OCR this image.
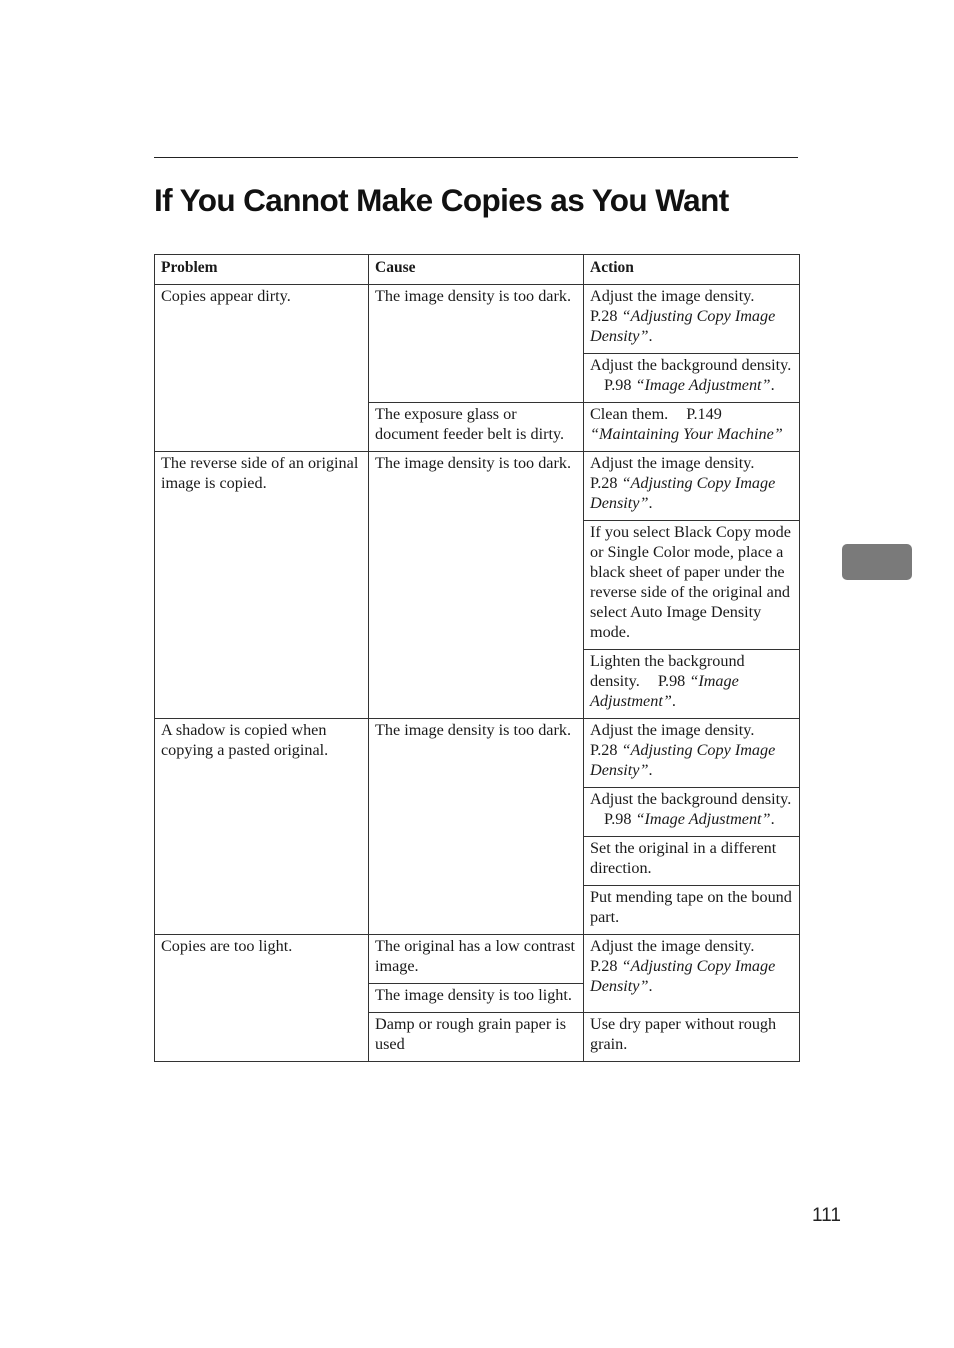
If You Cannot Make Copies as You Want
Problem	Cause	Action
Copies appear dirty.	The image density is too dark.	Adjust the image density. P.28 “Adjusting Copy Image Density”.
		Adjust the background density. P.98 “Image Adjustment”.
	The exposure glass or document feeder belt is dirty.	Clean them. P.149 “Maintaining Your Machine”
The reverse side of an original image is copied.	The image density is too dark.	Adjust the image density. P.28 “Adjusting Copy Image Density”.
		If you select Black Copy mode or Single Color mode, place a black sheet of paper under the reverse side of the original and select Auto Image Density mode.
		Lighten the background density. P.98 “Image Adjustment”.
A shadow is copied when copying a pasted original.	The image density is too dark.	Adjust the image density. P.28 “Adjusting Copy Image Density”.
		Adjust the background density. P.98 “Image Adjustment”.
		Set the original in a different direction.
		Put mending tape on the bound part.
Copies are too light.	The original has a low contrast image.	Adjust the image density. P.28 “Adjusting Copy Image Density”.
	The image density is too light.	
	Damp or rough grain paper is used	Use dry paper without rough grain.
111
